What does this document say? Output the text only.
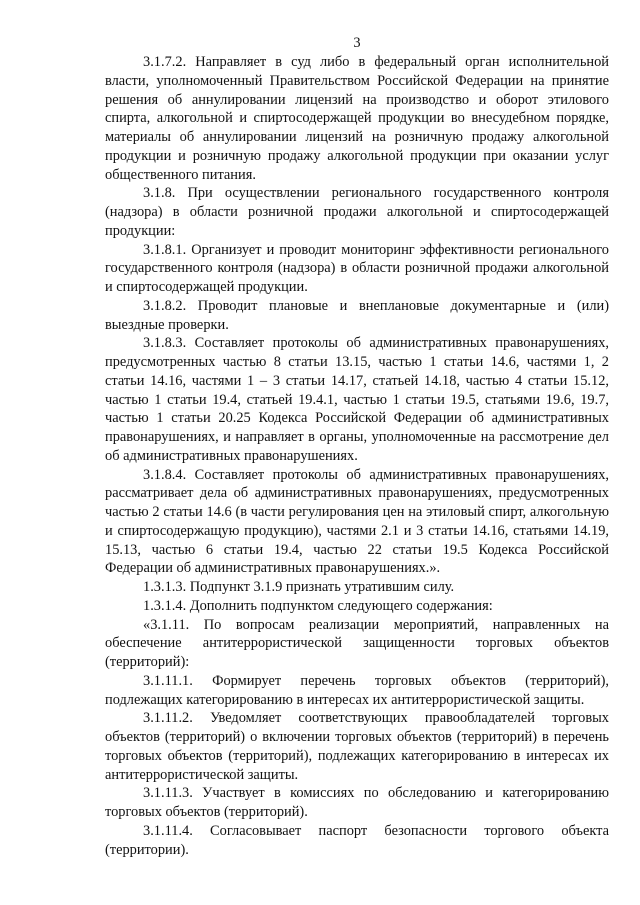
3

3.1.7.2. Направляет в суд либо в федеральный орган исполнительной власти, уполномоченный Правительством Российской Федерации на принятие решения об аннулировании лицензий на производство и оборот этилового спирта, алкогольной и спиртосодержащей продукции во внесудебном порядке, материалы об аннулировании лицензий на розничную продажу алкогольной продукции и розничную продажу алкогольной продукции при оказании услуг общественного питания.

3.1.8. При осуществлении регионального государственного контроля (надзора) в области розничной продажи алкогольной и спиртосодержащей продукции:

3.1.8.1. Организует и проводит мониторинг эффективности регионального государственного контроля (надзора) в области розничной продажи алкогольной и спиртосодержащей продукции.

3.1.8.2. Проводит плановые и внеплановые документарные и (или) выездные проверки.

3.1.8.3. Составляет протоколы об административных правонарушениях, предусмотренных частью 8 статьи 13.15, частью 1 статьи 14.6, частями 1, 2 статьи 14.16, частями 1 – 3 статьи 14.17, статьей 14.18, частью 4 статьи 15.12, частью 1 статьи 19.4, статьей 19.4.1, частью 1 статьи 19.5, статьями 19.6, 19.7, частью 1 статьи 20.25 Кодекса Российской Федерации об административных правонарушениях, и направляет в органы, уполномоченные на рассмотрение дел об административных правонарушениях.

3.1.8.4. Составляет протоколы об административных правонарушениях, рассматривает дела об административных правонарушениях, предусмотренных частью 2 статьи 14.6 (в части регулирования цен на этиловый спирт, алкогольную и спиртосодержащую продукцию), частями 2.1 и 3 статьи 14.16, статьями 14.19, 15.13, частью 6 статьи 19.4, частью 22 статьи 19.5 Кодекса Российской Федерации об административных правонарушениях.».

1.3.1.3. Подпункт 3.1.9 признать утратившим силу.

1.3.1.4. Дополнить подпунктом следующего содержания:

«3.1.11. По вопросам реализации мероприятий, направленных на обеспечение антитеррористической защищенности торговых объектов (территорий):

3.1.11.1. Формирует перечень торговых объектов (территорий), подлежащих категорированию в интересах их антитеррористической защиты.

3.1.11.2. Уведомляет соответствующих правообладателей торговых объектов (территорий) о включении торговых объектов (территорий) в перечень торговых объектов (территорий), подлежащих категорированию в интересах их антитеррористической защиты.

3.1.11.3. Участвует в комиссиях по обследованию и категорированию торговых объектов (территорий).

3.1.11.4. Согласовывает паспорт безопасности торгового объекта (территории).
